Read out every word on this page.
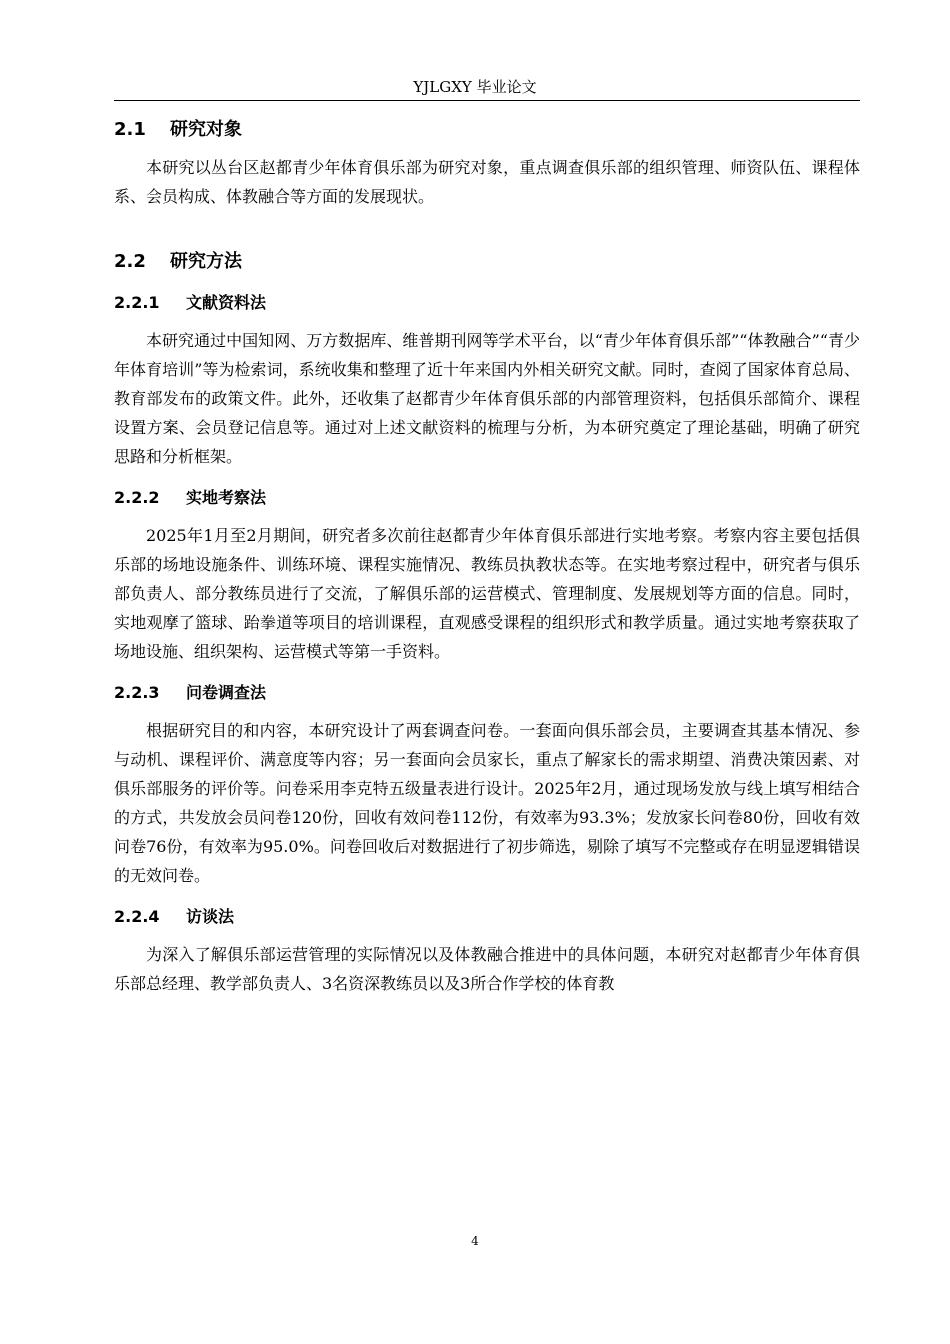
YJLGXY 毕业论文
2.1 研究对象

本研究以丛台区赵都青少年体育俱乐部为研究对象，重点调查俱乐部的组织管理、师资队伍、课程体系、会员构成、体教融合等方面的发展现状。

2.2 研究方法
2.2.1 文献资料法

本研究通过中国知网、万方数据库、维普期刊网等学术平台，以“青少年体育俱乐部”“体教融合”“青少年体育培训”等为检索词，系统收集和整理了近十年来国内外相关研究文献。同时，查阅了国家体育总局、教育部发布的政策文件。此外，还收集了赵都青少年体育俱乐部的内部管理资料，包括俱乐部简介、课程设置方案、会员登记信息等。通过对上述文献资料的梳理与分析，为本研究奠定了理论基础，明确了研究思路和分析框架。

2.2.2 实地考察法

2025年1月至2月期间，研究者多次前往赵都青少年体育俱乐部进行实地考察。考察内容主要包括俱乐部的场地设施条件、训练环境、课程实施情况、教练员执教状态等。在实地考察过程中，研究者与俱乐部负责人、部分教练员进行了交流，了解俱乐部的运营模式、管理制度、发展规划等方面的信息。同时，实地观摩了篮球、跆拳道等项目的培训课程，直观感受课程的组织形式和教学质量。通过实地考察获取了场地设施、组织架构、运营模式等第一手资料。

2.2.3 问卷调查法

根据研究目的和内容，本研究设计了两套调查问卷。一套面向俱乐部会员，主要调查其基本情况、参与动机、课程评价、满意度等内容；另一套面向会员家长，重点了解家长的需求期望、消费决策因素、对俱乐部服务的评价等。问卷采用李克特五级量表进行设计。2025年2月，通过现场发放与线上填写相结合的方式，共发放会员问卷120份，回收有效问卷112份，有效率为93.3%；发放家长问卷80份，回收有效问卷76份，有效率为95.0%。问卷回收后对数据进行了初步筛选，剔除了填写不完整或存在明显逻辑错误的无效问卷。

2.2.4 访谈法

为深入了解俱乐部运营管理的实际情况以及体教融合推进中的具体问题，本研究对赵都青少年体育俱乐部总经理、教学部负责人、3名资深教练员以及3所合作学校的体育教

4
